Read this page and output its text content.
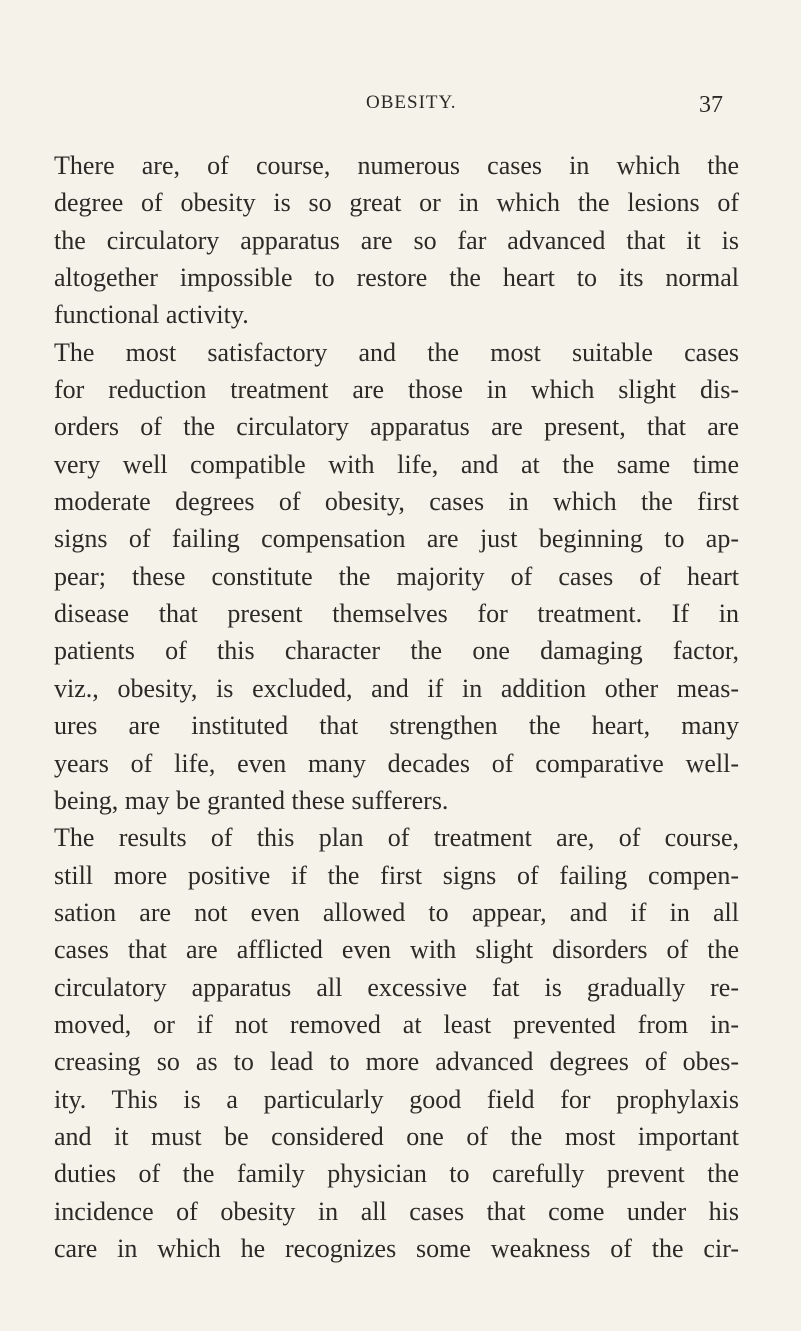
OBESITY.	37
There are, of course, numerous cases in which the
degree of obesity is so great or in which the lesions of
the circulatory apparatus are so far advanced that it is
altogether impossible to restore the heart to its normal
functional activity.
The most satisfactory and the most suitable cases
for reduction treatment are those in which slight dis-
orders of the circulatory apparatus are present, that are
very well compatible with life, and at the same time
moderate degrees of obesity, cases in which the first
signs of failing compensation are just beginning to ap-
pear; these constitute the majority of cases of heart
disease that present themselves for treatment. If in
patients of this character the one damaging factor,
viz., obesity, is excluded, and if in addition other meas-
ures are instituted that strengthen the heart, many
years of life, even many decades of comparative well-
being, may be granted these sufferers.
The results of this plan of treatment are, of course,
still more positive if the first signs of failing compen-
sation are not even allowed to appear, and if in all
cases that are afflicted even with slight disorders of the
circulatory apparatus all excessive fat is gradually re-
moved, or if not removed at least prevented from in-
creasing so as to lead to more advanced degrees of obes-
ity. This is a particularly good field for prophylaxis
and it must be considered one of the most important
duties of the family physician to carefully prevent the
incidence of obesity in all cases that come under his
care in which he recognizes some weakness of the cir-
